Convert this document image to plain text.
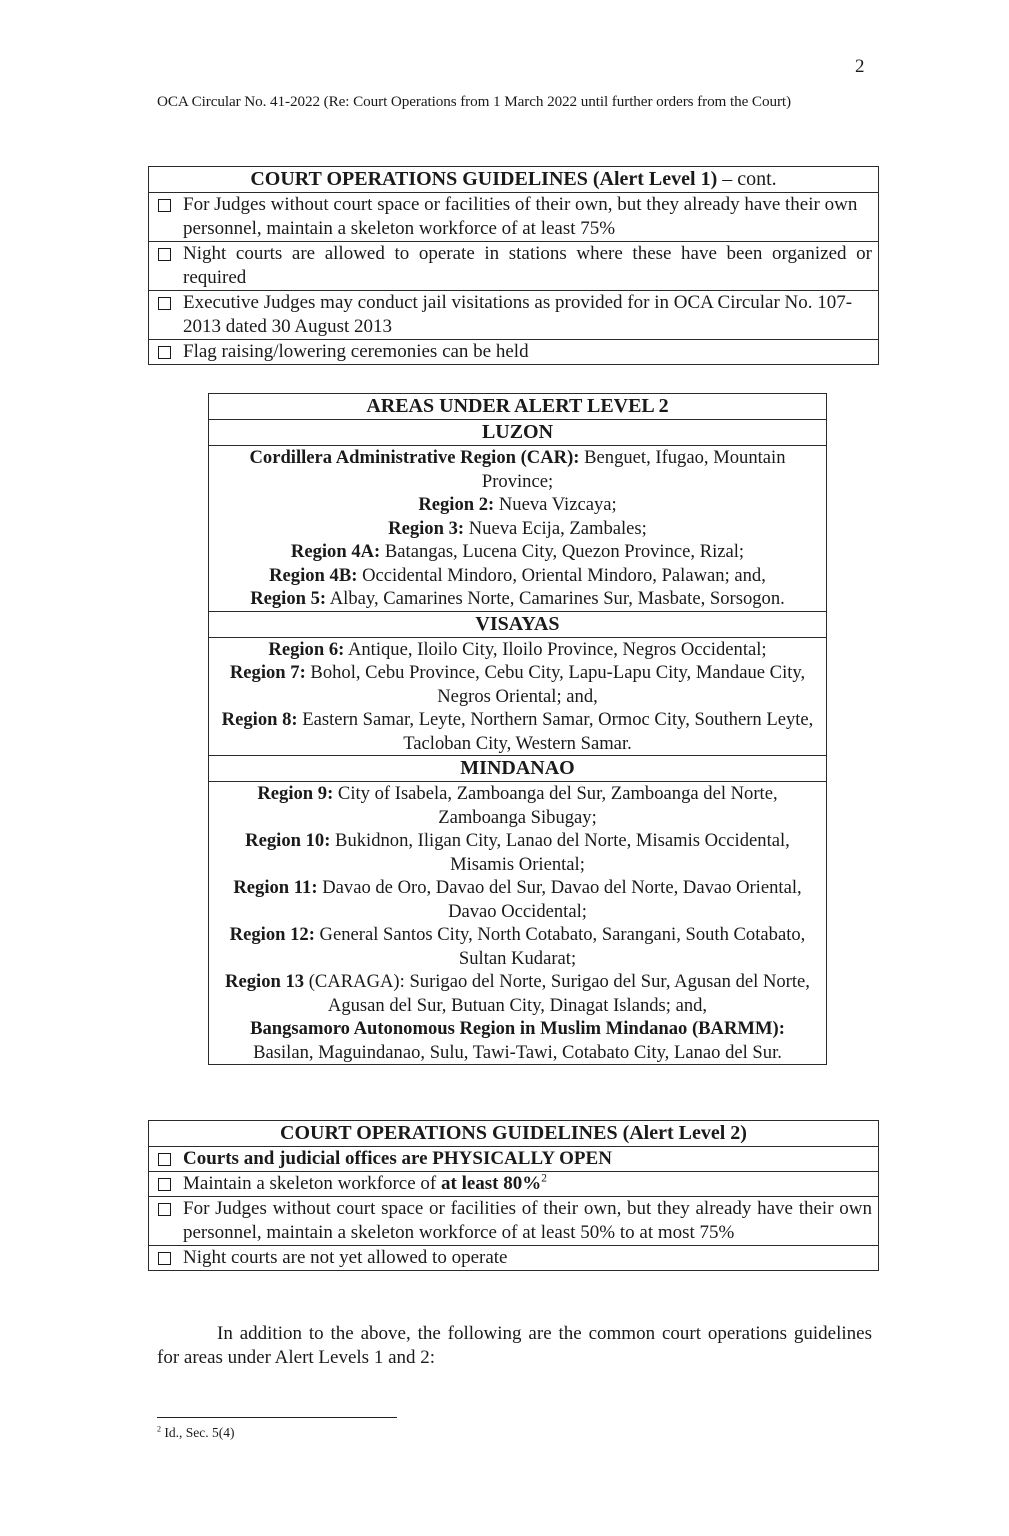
2
OCA Circular No. 41-2022 (Re: Court Operations from 1 March 2022 until further orders from the Court)
COURT OPERATIONS GUIDELINES (Alert Level 1) – cont.

For Judges without court space or facilities of their own, but they already have their own personnel, maintain a skeleton workforce of at least 75%

Night courts are allowed to operate in stations where these have been organized or required

Executive Judges may conduct jail visitations as provided for in OCA Circular No. 107-2013 dated 30 August 2013

Flag raising/lowering ceremonies can be held
AREAS UNDER ALERT LEVEL 2
LUZON

Cordillera Administrative Region (CAR): Benguet, Ifugao, Mountain Province;
Region 2: Nueva Vizcaya;
Region 3: Nueva Ecija, Zambales;
Region 4A: Batangas, Lucena City, Quezon Province, Rizal;
Region 4B: Occidental Mindoro, Oriental Mindoro, Palawan; and,
Region 5: Albay, Camarines Norte, Camarines Sur, Masbate, Sorsogon.

VISAYAS

Region 6: Antique, Iloilo City, Iloilo Province, Negros Occidental;
Region 7: Bohol, Cebu Province, Cebu City, Lapu-Lapu City, Mandaue City, Negros Oriental; and,
Region 8: Eastern Samar, Leyte, Northern Samar, Ormoc City, Southern Leyte, Tacloban City, Western Samar.

MINDANAO

Region 9: City of Isabela, Zamboanga del Sur, Zamboanga del Norte, Zamboanga Sibugay;
Region 10: Bukidnon, Iligan City, Lanao del Norte, Misamis Occidental, Misamis Oriental;
Region 11: Davao de Oro, Davao del Sur, Davao del Norte, Davao Oriental, Davao Occidental;
Region 12: General Santos City, North Cotabato, Sarangani, South Cotabato, Sultan Kudarat;
Region 13 (CARAGA): Surigao del Norte, Surigao del Sur, Agusan del Norte, Agusan del Sur, Butuan City, Dinagat Islands; and,
Bangsamoro Autonomous Region in Muslim Mindanao (BARMM): Basilan, Maguindanao, Sulu, Tawi-Tawi, Cotabato City, Lanao del Sur.
COURT OPERATIONS GUIDELINES (Alert Level 2)

Courts and judicial offices are PHYSICALLY OPEN

Maintain a skeleton workforce of at least 80%$^2$

For Judges without court space or facilities of their own, but they already have their own personnel, maintain a skeleton workforce of at least 50% to at most 75%

Night courts are not yet allowed to operate
In addition to the above, the following are the common court operations guidelines for areas under Alert Levels 1 and 2:
$^2$ Id., Sec. 5(4)
